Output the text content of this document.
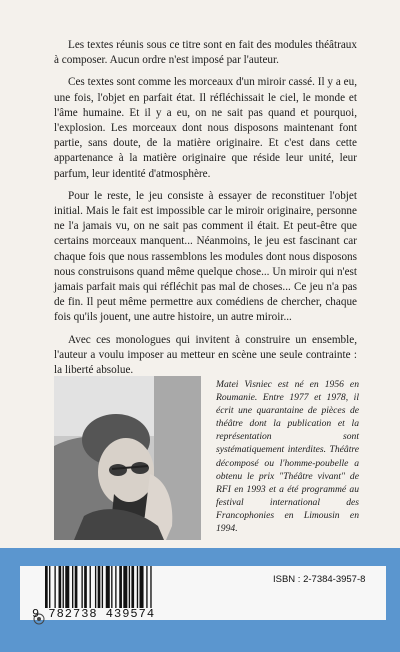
Les textes réunis sous ce titre sont en fait des modules théâtraux à composer. Aucun ordre n'est imposé par l'auteur.

Ces textes sont comme les morceaux d'un miroir cassé. Il y a eu, une fois, l'objet en parfait état. Il réfléchissait le ciel, le monde et l'âme humaine. Et il y a eu, on ne sait pas quand et pourquoi, l'explosion. Les morceaux dont nous disposons maintenant font partie, sans doute, de la matière originaire. Et c'est dans cette appartenance à la matière originaire que réside leur unité, leur parfum, leur identité d'atmosphère.

Pour le reste, le jeu consiste à essayer de reconstituer l'objet initial. Mais le fait est impossible car le miroir originaire, personne ne l'a jamais vu, on ne sait pas comment il était. Et peut-être que certains morceaux manquent... Néanmoins, le jeu est fascinant car chaque fois que nous rassemblons les modules dont nous disposons nous construisons quand même quelque chose... Un miroir qui n'est jamais parfait mais qui réfléchit pas mal de choses... Ce jeu n'a pas de fin. Il peut même permettre aux comédiens de chercher, chaque fois qu'ils jouent, une autre histoire, un autre miroir...

Avec ces monologues qui invitent à construire un ensemble, l'auteur a voulu imposer au metteur en scène une seule contrainte : la liberté absolue.

Matei Visniec est né en 1956 en Roumanie. Entre 1977 et 1978, il écrit une quarantaine de pièces de théâtre dont la publication et la représentation sont systématiquement interdites. Théâtre décomposé ou l'homme-poubelle a obtenu le prix "Théâtre vivant" de RFI en 1993 et a été programmé au festival international des Francophonies en Limousin en 1994.
ISBN : 2-7384-3957-8
9 782738 439574
